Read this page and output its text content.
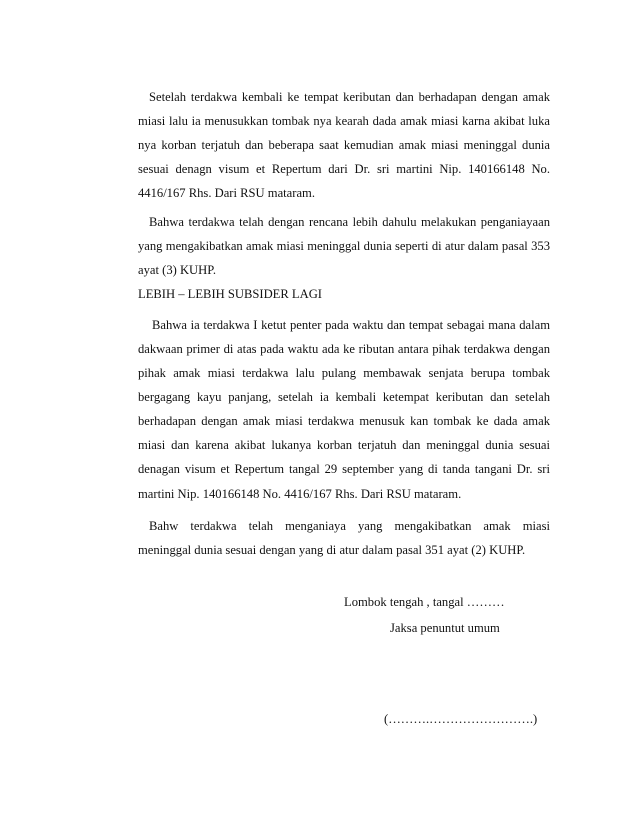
Setelah terdakwa kembali ke tempat keributan dan berhadapan dengan amak
miasi lalu ia menusukkan tombak nya kearah dada amak miasi karna akibat luka
nya korban terjatuh dan beberapa saat kemudian amak miasi meninggal dunia
sesuai denagn visum et Repertum dari Dr. sri martini Nip. 140166148 No.
4416/167 Rhs. Dari RSU mataram.
Bahwa terdakwa telah dengan rencana lebih dahulu melakukan penganiayaan
yang mengakibatkan amak miasi meninggal dunia seperti di atur dalam pasal 353
ayat (3) KUHP.
LEBIH – LEBIH SUBSIDER LAGI
Bahwa ia terdakwa I ketut penter pada waktu dan tempat sebagai mana dalam
dakwaan primer di atas pada waktu ada ke ributan antara pihak terdakwa dengan
pihak amak miasi terdakwa lalu pulang membawak senjata berupa tombak
bergagang kayu panjang, setelah ia kembali ketempat keributan dan setelah
berhadapan dengan amak miasi terdakwa menusuk kan tombak ke dada amak
miasi dan karena akibat lukanya korban terjatuh dan meninggal dunia sesuai
denagan visum et Repertum tangal 29 september yang di tanda tangani Dr. sri
martini Nip. 140166148 No. 4416/167 Rhs. Dari RSU mataram.
Bahw terdakwa telah menganiaya yang mengakibatkan amak miasi
meninggal dunia sesuai dengan yang di atur dalam pasal 351 ayat (2) KUHP.
Lombok tengah , tangal ………
Jaksa penuntut umum
(……….…………………….)
